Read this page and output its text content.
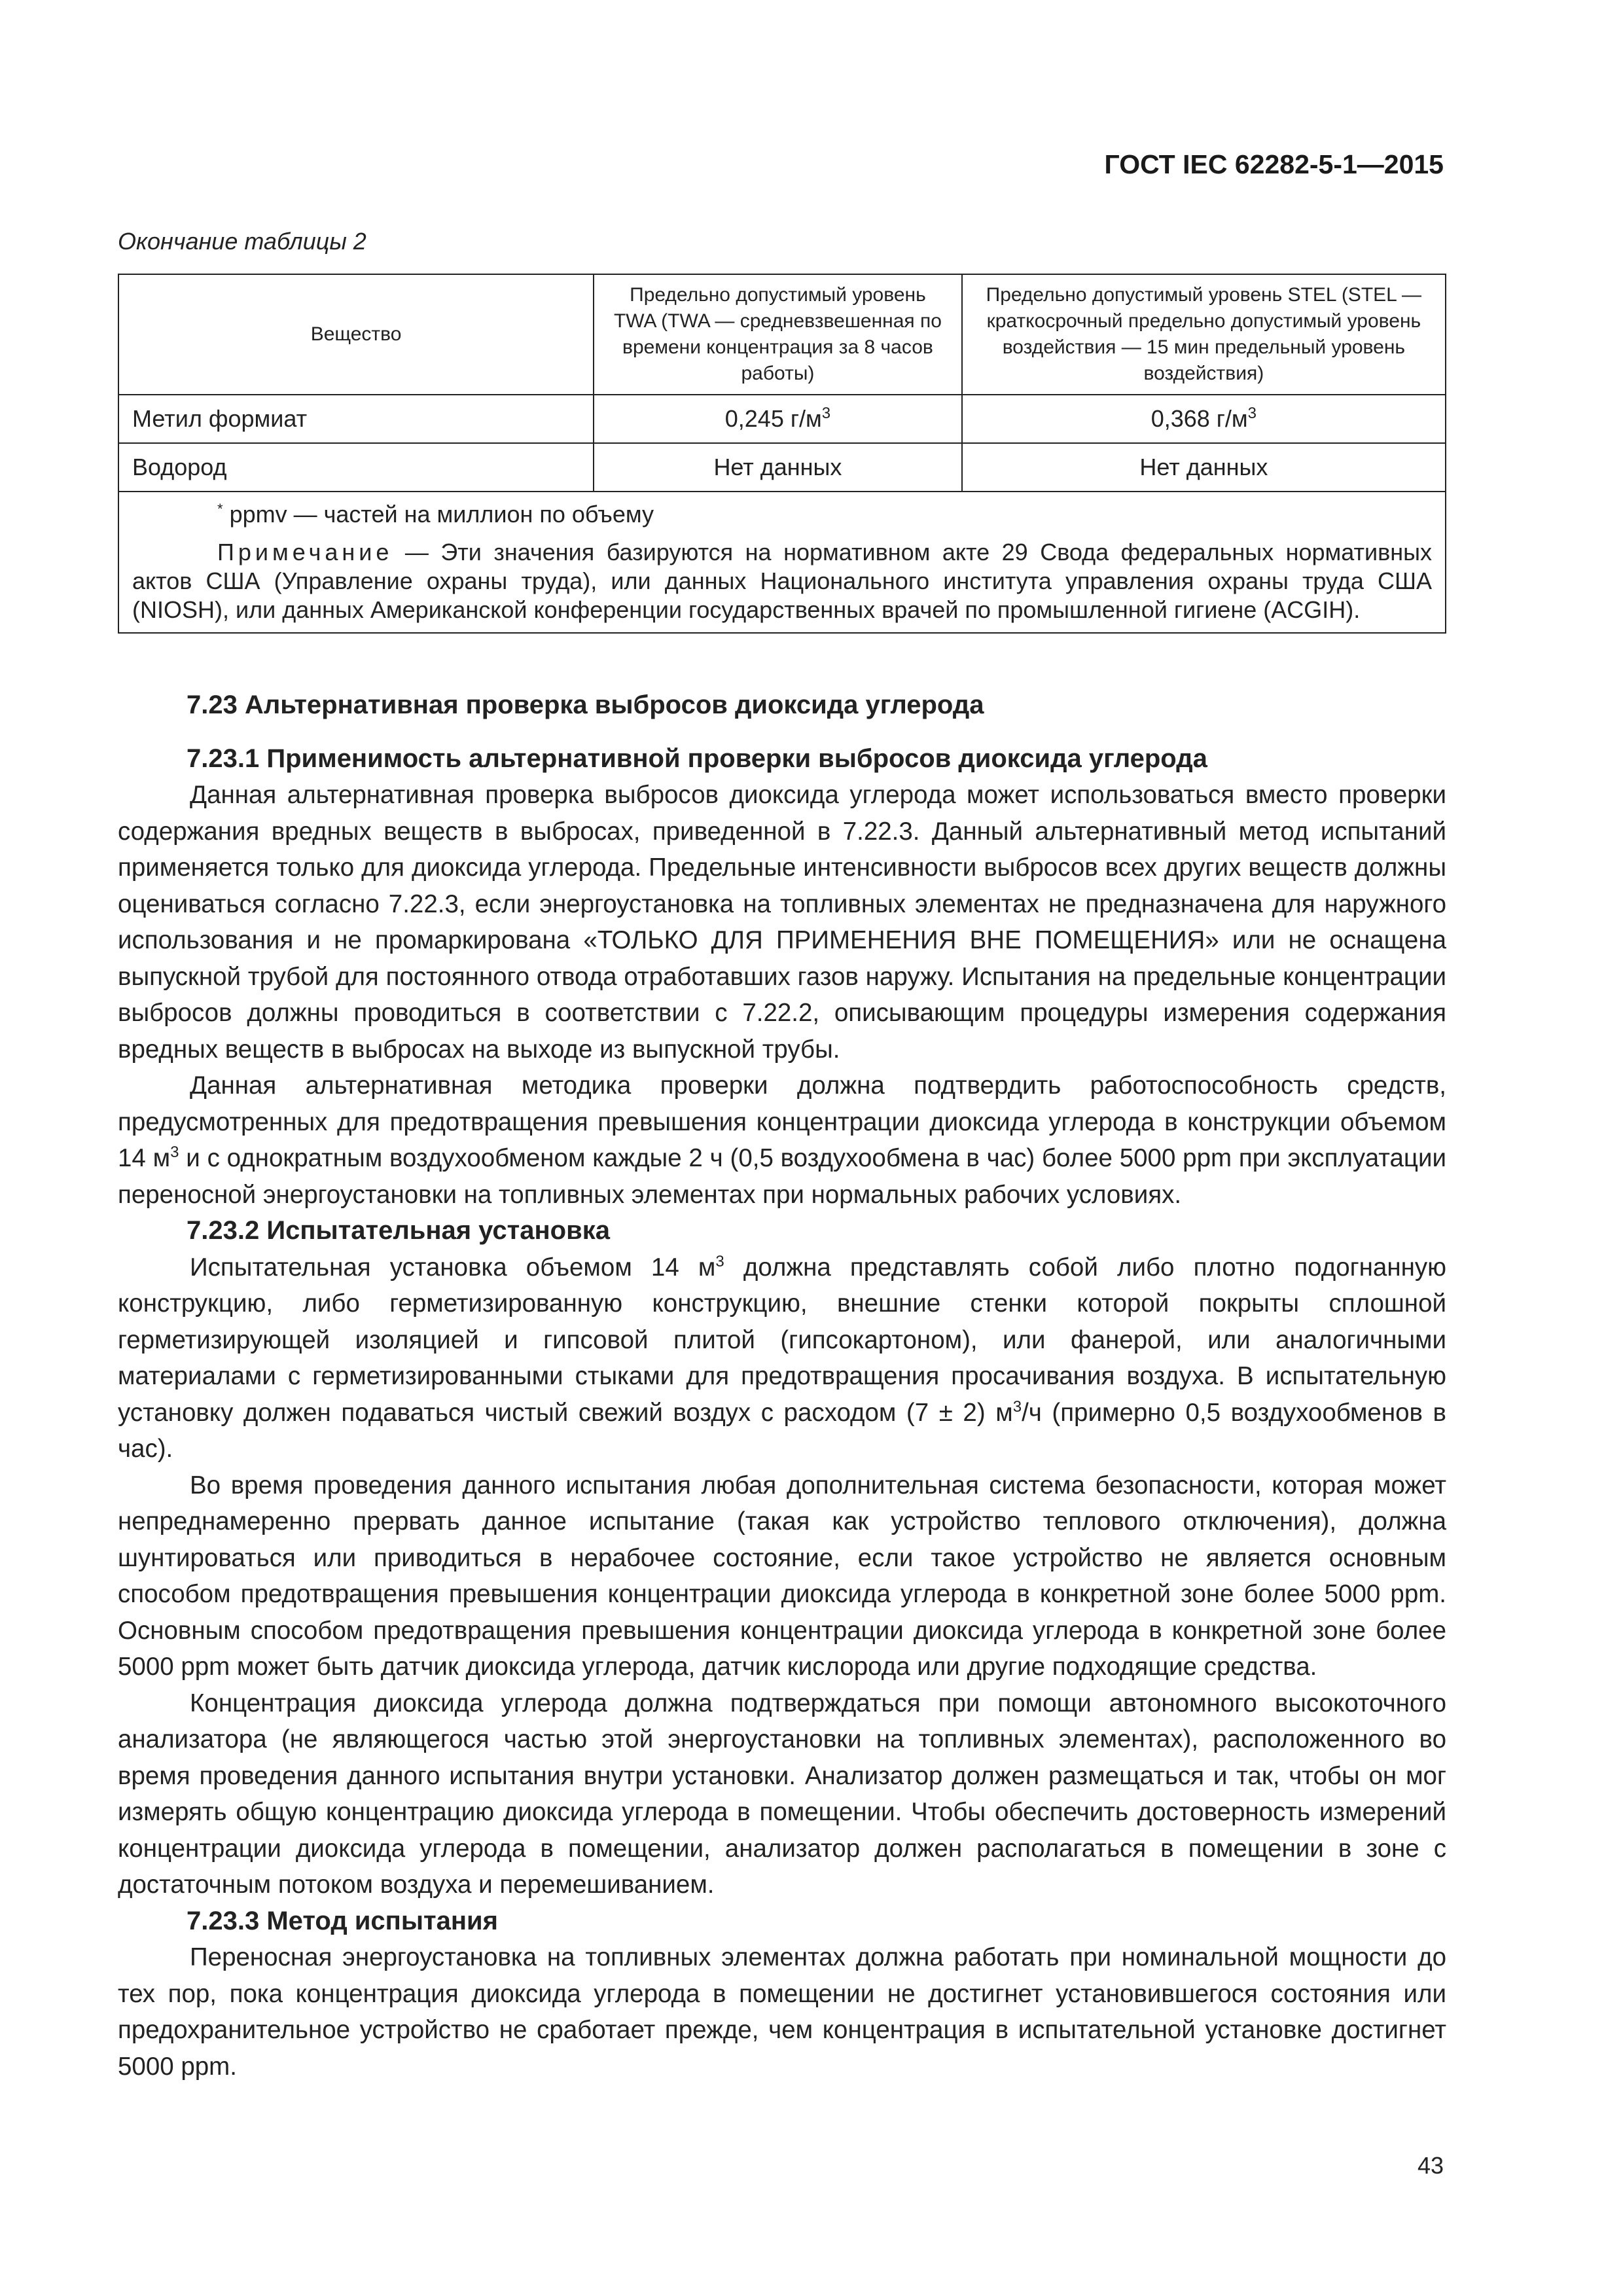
ГОСТ IEC 62282-5-1—2015
Окончание таблицы 2
Вещество	Предельно допустимый уровень TWA (TWA — средневзвешенная по времени концентрация за 8 часов работы)	Предельно допустимый уровень STEL (STEL — краткосрочный предельно допустимый уровень воздействия — 15 мин предельный уровень воздействия)
Метил формиат	0,245 $г/м^3$	0,368 $г/м^3$
Водород	Нет данных	Нет данных

* ppmv — частей на миллион по объему

Примечание — Эти значения базируются на нормативном акте 29 Свода федеральных нормативных актов США (Управление охраны труда), или данных Национального института управления охраны труда США (NIOSH), или данных Американской конференции государственных врачей по промышленной гигиене (ACGIH).		

7.23 Альтернативная проверка выбросов диоксида углерода
7.23.1 Применимость альтернативной проверки выбросов диоксида углерода

Данная альтернативная проверка выбросов диоксида углерода может использоваться вместо проверки содержания вредных веществ в выбросах, приведенной в 7.22.3. Данный альтернативный метод испытаний применяется только для диоксида углерода. Предельные интенсивности выбросов всех других веществ должны оцениваться согласно 7.22.3, если энергоустановка на топливных элементах не предназначена для наружного использования и не промаркирована «ТОЛЬКО ДЛЯ ПРИМЕНЕНИЯ ВНЕ ПОМЕЩЕНИЯ» или не оснащена выпускной трубой для постоянного отвода отработавших газов наружу. Испытания на предельные концентрации выбросов должны проводиться в соответствии с 7.22.2, описывающим процедуры измерения содержания вредных веществ в выбросах на выходе из выпускной трубы.

Данная альтернативная методика проверки должна подтвердить работоспособность средств, предусмотренных для предотвращения превышения концентрации диоксида углерода в конструкции объемом 14 $м^3$ и с однократным воздухообменом каждые 2 ч (0,5 воздухообмена в час) более 5000 ppm при эксплуатации переносной энергоустановки на топливных элементах при нормальных рабочих условиях.

7.23.2 Испытательная установка

Испытательная установка объемом 14 $м^3$ должна представлять собой либо плотно подогнанную конструкцию, либо герметизированную конструкцию, внешние стенки которой покрыты сплошной герметизирующей изоляцией и гипсовой плитой (гипсокартоном), или фанерой, или аналогичными материалами с герметизированными стыками для предотвращения просачивания воздуха. В испытательную установку должен подаваться чистый свежий воздух с расходом (7 ± 2) $м^3/ч$ (примерно 0,5 воздухообменов в час).

Во время проведения данного испытания любая дополнительная система безопасности, которая может непреднамеренно прервать данное испытание (такая как устройство теплового отключения), должна шунтироваться или приводиться в нерабочее состояние, если такое устройство не является основным способом предотвращения превышения концентрации диоксида углерода в конкретной зоне более 5000 ppm. Основным способом предотвращения превышения концентрации диоксида углерода в конкретной зоне более 5000 ppm может быть датчик диоксида углерода, датчик кислорода или другие подходящие средства.

Концентрация диоксида углерода должна подтверждаться при помощи автономного высокоточного анализатора (не являющегося частью этой энергоустановки на топливных элементах), расположенного во время проведения данного испытания внутри установки. Анализатор должен размещаться и так, чтобы он мог измерять общую концентрацию диоксида углерода в помещении. Чтобы обеспечить достоверность измерений концентрации диоксида углерода в помещении, анализатор должен располагаться в помещении в зоне с достаточным потоком воздуха и перемешиванием.

7.23.3 Метод испытания

Переносная энергоустановка на топливных элементах должна работать при номинальной мощности до тех пор, пока концентрация диоксида углерода в помещении не достигнет установившегося состояния или предохранительное устройство не сработает прежде, чем концентрация в испытательной установке достигнет 5000 ppm.

43
